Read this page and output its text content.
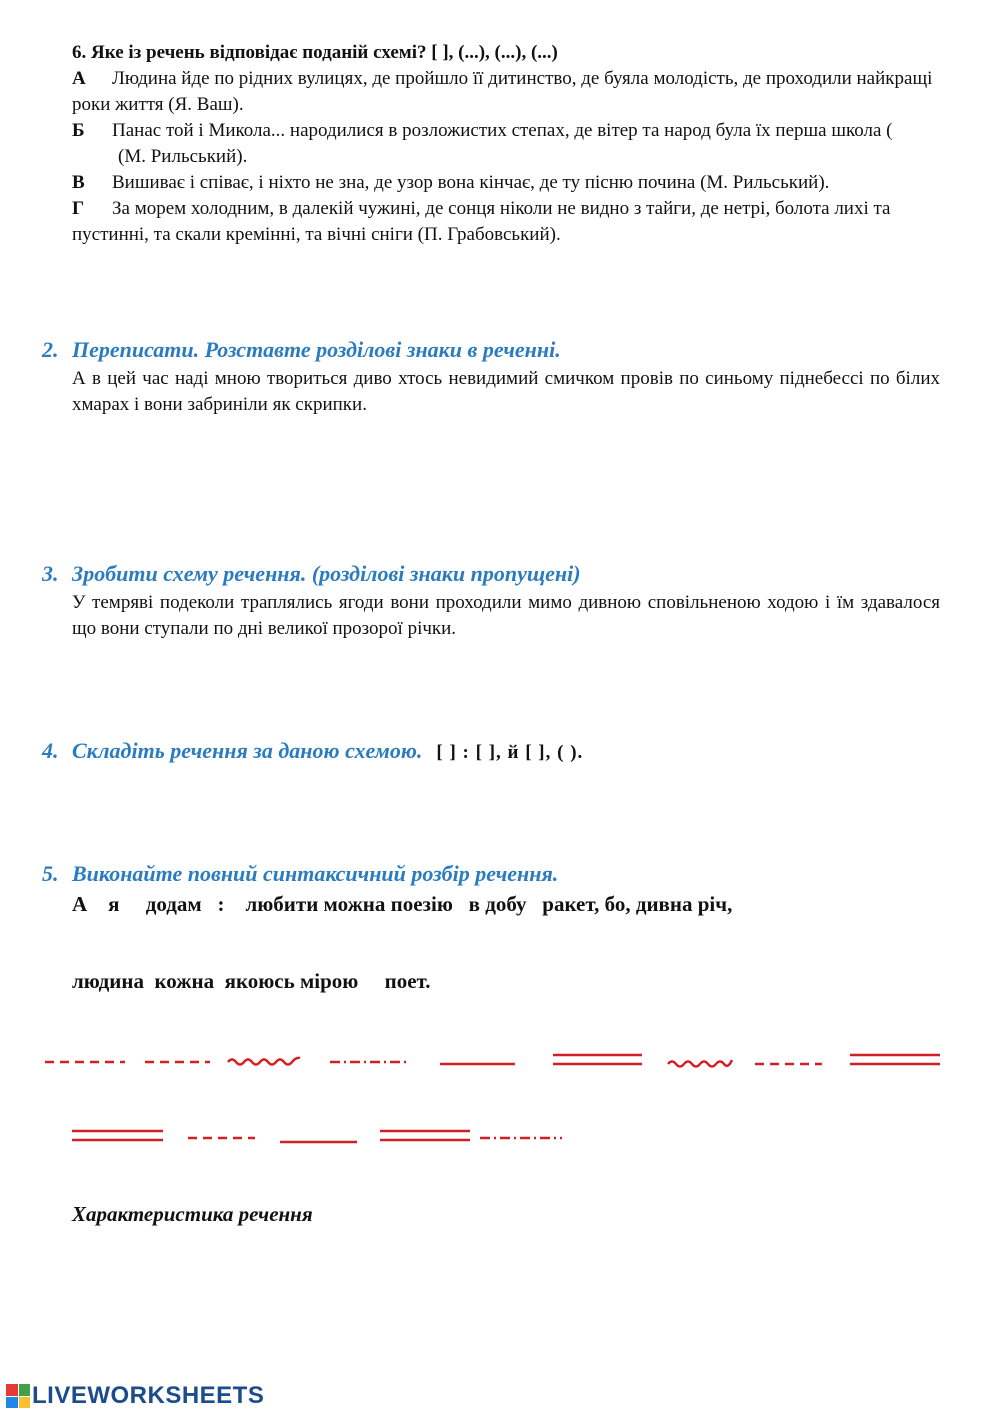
6. Яке із речень відповідає поданій схемі? [ ], (...), (...), (...)
А Людина йде по рідних вулицях, де пройшло її дитинство, де буяла молодість, де проходили найкращі роки життя (Я. Ваш).
Б Панас той і Микола... народилися в розложистих степах, де вітер та народ була їх перша школа (
(М. Рильський).
В Вишиває і співає, і ніхто не зна, де узор вона кінчає, де ту пісню почина (М. Рильський).
Г За морем холодним, в далекій чужині, де сонця ніколи не видно з тайги, де нетрі, болота лихі та пустинні, та скали кремінні, та вічні сніги (П. Грабовський).
2. Переписати. Розставте розділові знаки в реченні.
А в цей час наді мною твориться диво хтось невидимий смичком провів по синьому піднебессі по білих хмарах і вони забриніли як скрипки.
3. Зробити схему речення. (розділові знаки пропущені)
У темряві подеколи траплялись ягоди вони проходили мимо дивною сповільненою ходою і їм здавалося що вони ступали по дні великої прозорої річки.
4. Складіть речення за даною схемою. [ ] : [ ], й [ ], ( ).
5. Виконайте повний синтаксичний розбір речення.
А    я     додам   :    любити можна поезію   в добу   ракет, бо, дивна річ,
людина  кожна  якоюсь мірою     поет.
Характеристика речення
LIVEWORKSHEETS
